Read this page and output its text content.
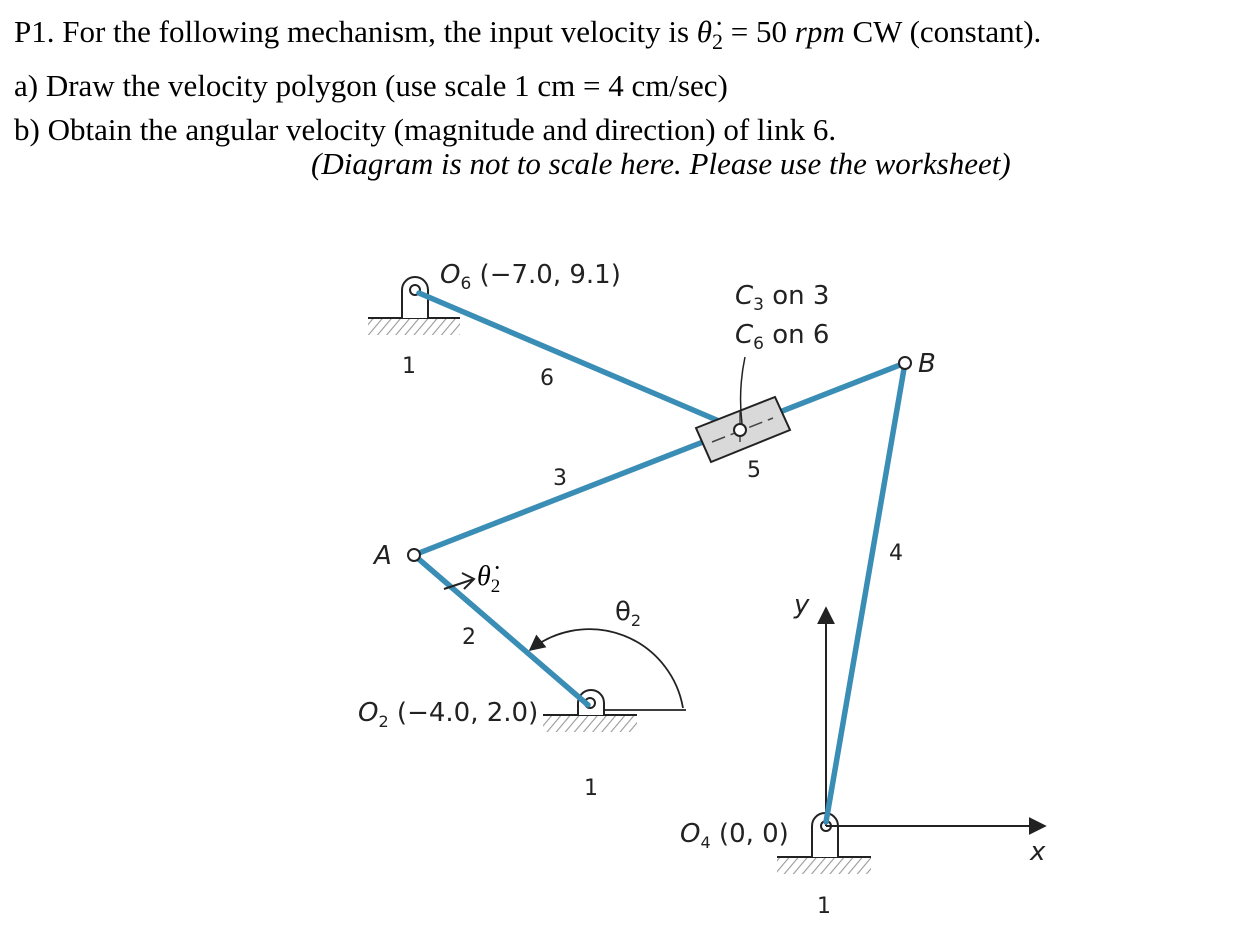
P1. For the following mechanism, the input velocity is $\thetȧ_2 = 50$ rpm CW (constant).
a) Draw the velocity polygon (use scale 1 cm = 4 cm/sec)
b) Obtain the angular velocity (magnitude and direction) of link 6.
(Diagram is not to scale here. Please use the worksheet)
$O_6$ (−7.0, 9.1)
$C_3$ on 3
$C_6$ on 6
B
A
1	6
3	5
4
2
$\thetȧ_2$
$\theta_2$
$O_2$ (−4.0, 2.0)
1
y
$O_4$ (0, 0)
x
1
